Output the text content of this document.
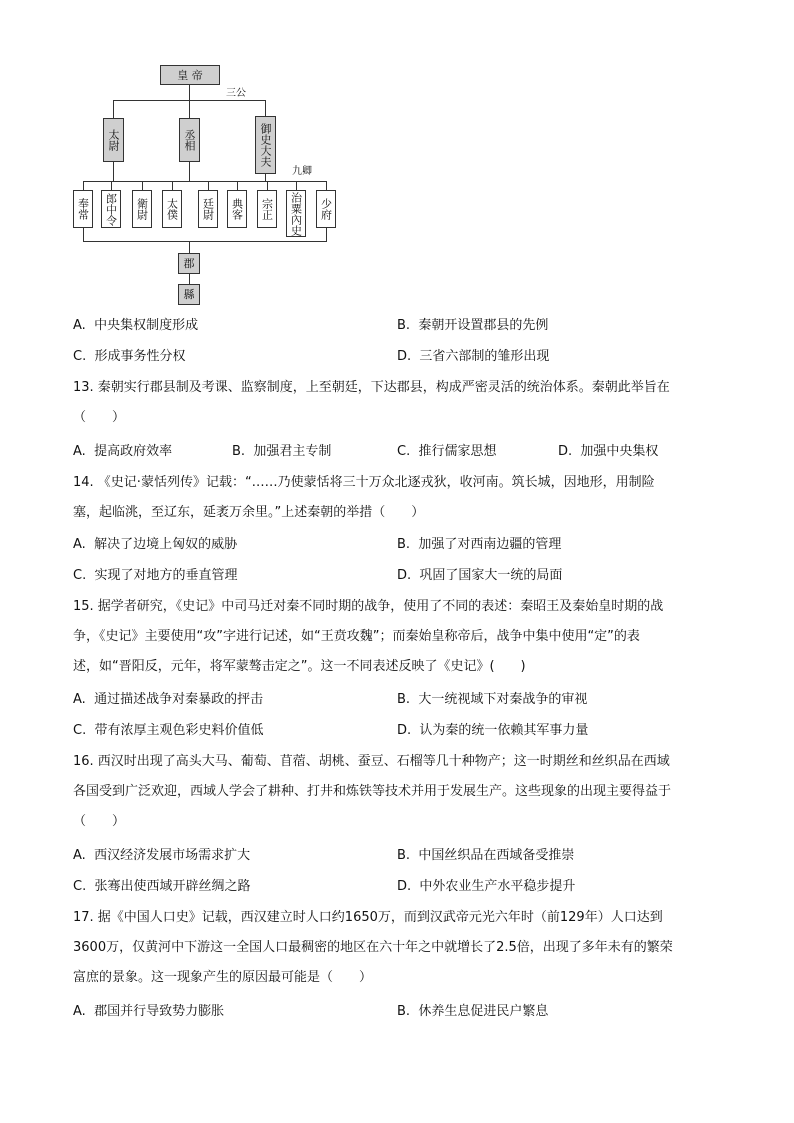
皇 帝
三公
太尉	丞相	御史大夫
九卿
奉常 郎中令 衛尉 太僕 廷尉 典客 宗正 治粟內史 少府
郡
縣
A. 中央集权制度形成	B. 秦朝开设置郡县的先例
C. 形成事务性分权	D. 三省六部制的雏形出现
13. 秦朝实行郡县制及考课、监察制度，上至朝廷，下达郡县，构成严密灵活的统治体系。秦朝此举旨在
（　　）
A. 提高政府效率	B. 加强君主专制	C. 推行儒家思想	D. 加强中央集权
14. 《史记·蒙恬列传》记载：“……乃使蒙恬将三十万众北逐戎狄，收河南。筑长城，因地形，用制险
塞，起临洮，至辽东，延袤万余里。”上述秦朝的举措（　　）
A. 解决了边境上匈奴的威胁	B. 加强了对西南边疆的管理
C. 实现了对地方的垂直管理	D. 巩固了国家大一统的局面
15. 据学者研究，《史记》中司马迁对秦不同时期的战争，使用了不同的表述：秦昭王及秦始皇时期的战
争，《史记》主要使用“攻”字进行记述，如“王贲攻魏”；而秦始皇称帝后，战争中集中使用“定”的表
述，如“晋阳反，元年，将军蒙骜击定之”。这一不同表述反映了《史记》(　　)
A. 通过描述战争对秦暴政的抨击	B. 大一统视域下对秦战争的审视
C. 带有浓厚主观色彩史料价值低	D. 认为秦的统一依赖其军事力量
16. 西汉时出现了高头大马、葡萄、苜蓿、胡桃、蚕豆、石榴等几十种物产；这一时期丝和丝织品在西域
各国受到广泛欢迎，西域人学会了耕种、打井和炼铁等技术并用于发展生产。这些现象的出现主要得益于
（　　）
A. 西汉经济发展市场需求扩大	B. 中国丝织品在西域备受推崇
C. 张骞出使西域开辟丝绸之路	D. 中外农业生产水平稳步提升
17. 据《中国人口史》记载，西汉建立时人口约1650万，而到汉武帝元光六年时（前129年）人口达到
3600万，仅黄河中下游这一全国人口最稠密的地区在六十年之中就增长了2.5倍，出现了多年未有的繁荣
富庶的景象。这一现象产生的原因最可能是（　　）
A. 郡国并行导致势力膨胀	B. 休养生息促进民户繁息
